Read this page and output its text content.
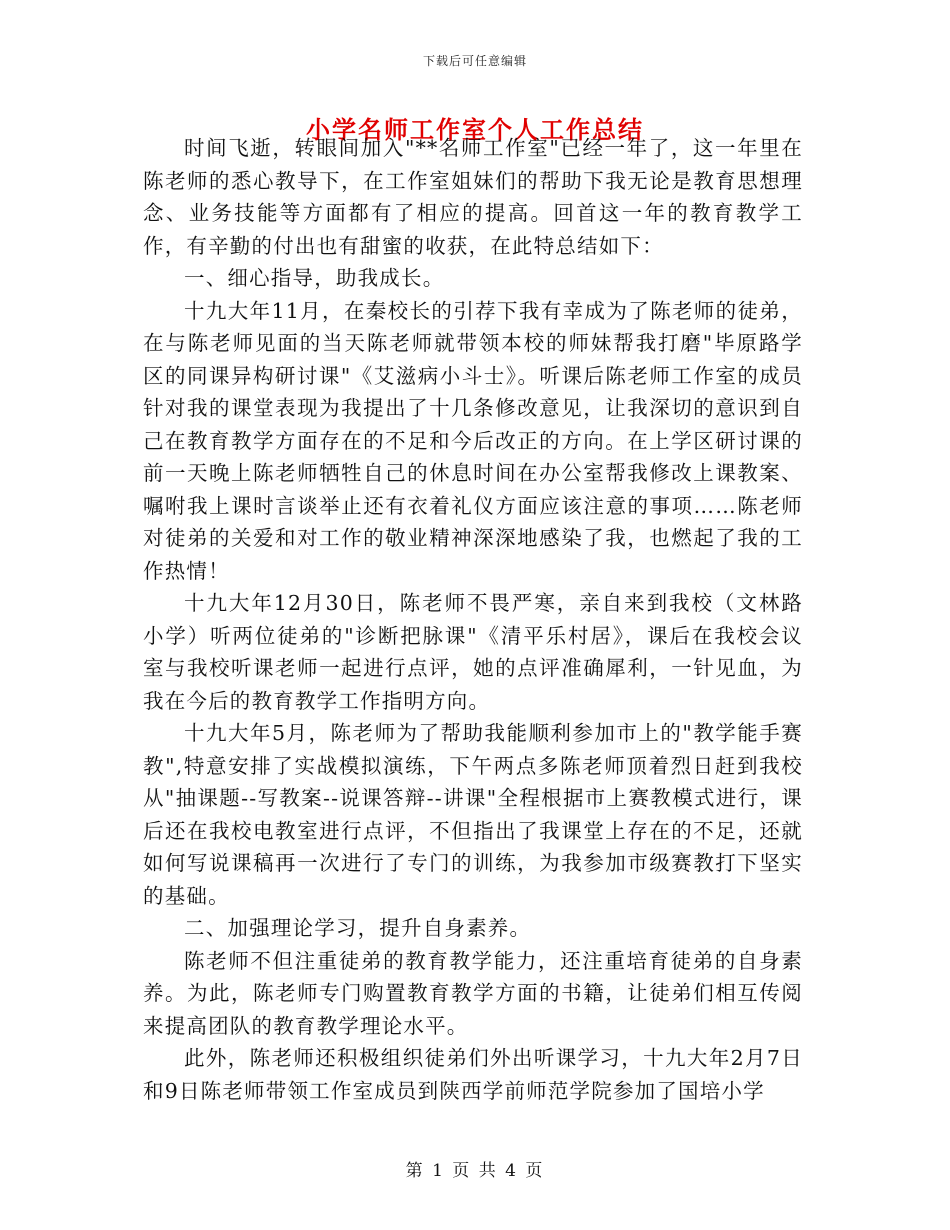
下载后可任意编辑
小学名师工作室个人工作总结

时间飞逝，转眼间加入"**名师工作室"已经一年了，这一年里在陈老师的悉心教导下，在工作室姐妹们的帮助下我无论是教育思想理念、业务技能等方面都有了相应的提高。回首这一年的教育教学工作，有辛勤的付出也有甜蜜的收获，在此特总结如下：

一、细心指导，助我成长。

十九大年11月，在秦校长的引荐下我有幸成为了陈老师的徒弟，在与陈老师见面的当天陈老师就带领本校的师妹帮我打磨"毕原路学区的同课异构研讨课"《艾滋病小斗士》。听课后陈老师工作室的成员针对我的课堂表现为我提出了十几条修改意见，让我深切的意识到自己在教育教学方面存在的不足和今后改正的方向。在上学区研讨课的前一天晚上陈老师牺牲自己的休息时间在办公室帮我修改上课教案、嘱咐我上课时言谈举止还有衣着礼仪方面应该注意的事项……陈老师对徒弟的关爱和对工作的敬业精神深深地感染了我，也燃起了我的工作热情！

十九大年12月30日，陈老师不畏严寒，亲自来到我校（文林路小学）听两位徒弟的"诊断把脉课"《清平乐村居》，课后在我校会议室与我校听课老师一起进行点评，她的点评准确犀利，一针见血，为我在今后的教育教学工作指明方向。

十九大年5月，陈老师为了帮助我能顺利参加市上的"教学能手赛教",特意安排了实战模拟演练，下午两点多陈老师顶着烈日赶到我校从"抽课题--写教案--说课答辩--讲课"全程根据市上赛教模式进行，课后还在我校电教室进行点评，不但指出了我课堂上存在的不足，还就如何写说课稿再一次进行了专门的训练，为我参加市级赛教打下坚实的基础。

二、加强理论学习，提升自身素养。

陈老师不但注重徒弟的教育教学能力，还注重培育徒弟的自身素养。为此，陈老师专门购置教育教学方面的书籍，让徒弟们相互传阅来提高团队的教育教学理论水平。

此外，陈老师还积极组织徒弟们外出听课学习，十九大年2月7日和9日陈老师带领工作室成员到陕西学前师范学院参加了国培小学

第 1 页 共 4 页
